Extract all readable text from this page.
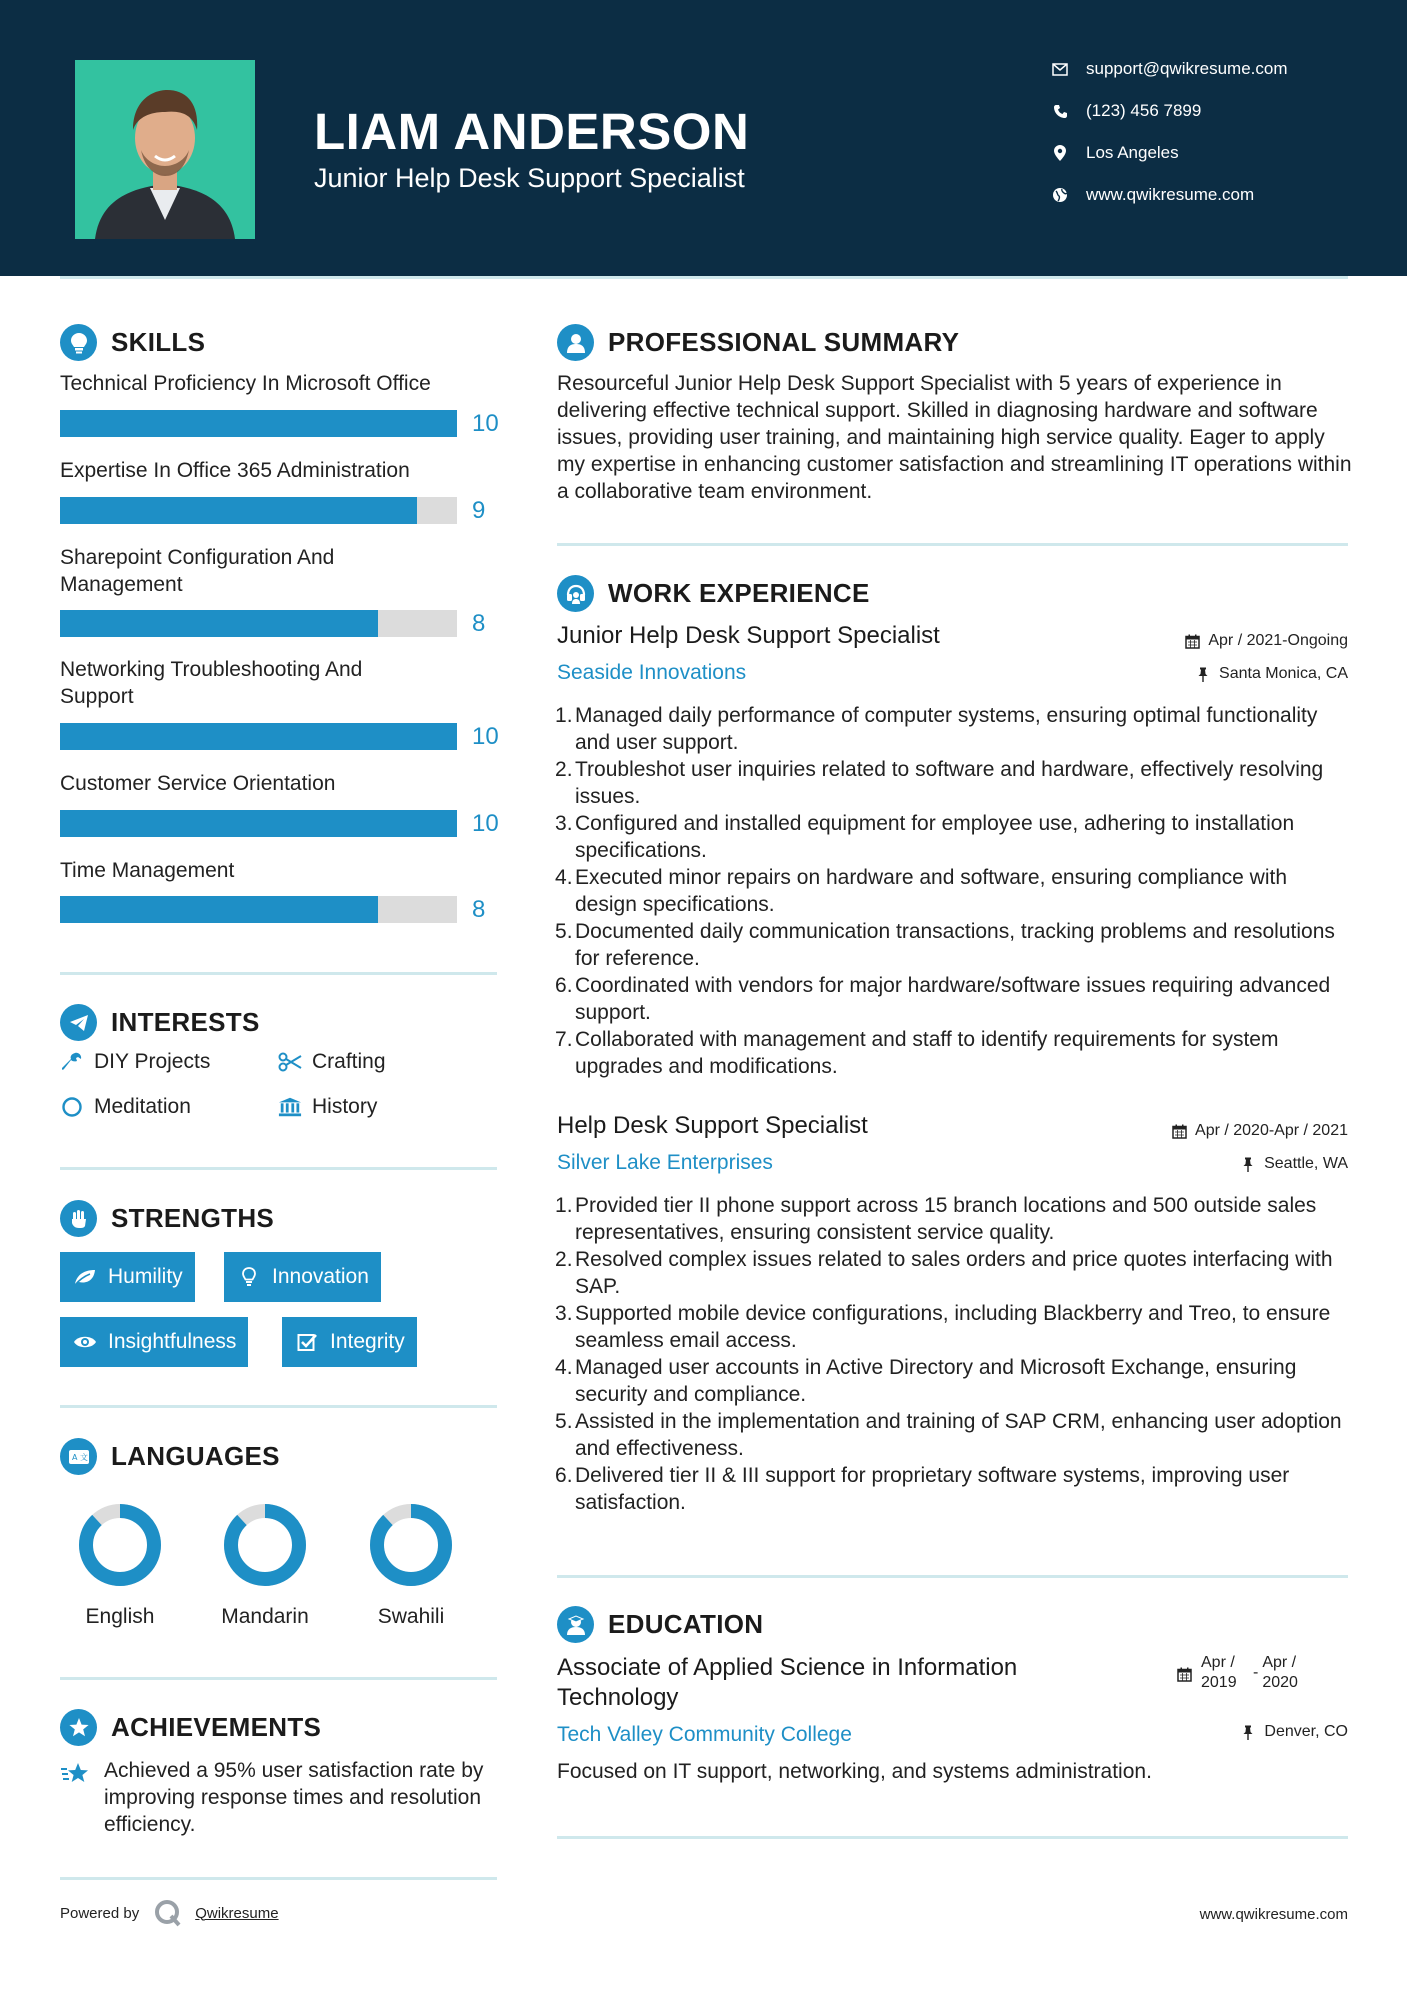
LIAM ANDERSON
Junior Help Desk Support Specialist
support@qwikresume.com
(123) 456 7899
Los Angeles
www.qwikresume.com
SKILLS
Technical Proficiency In Microsoft Office
10
Expertise In Office 365 Administration
9
Sharepoint Configuration And Management
8
Networking Troubleshooting And Support
10
Customer Service Orientation
10
Time Management
8
INTERESTS
DIY Projects	Crafting
Meditation	History
STRENGTHS
Humility	Innovation
Insightfulness	Integrity
A 文 LANGUAGES
English	Mandarin	Swahili
ACHIEVEMENTS
Achieved a 95% user satisfaction rate by improving response times and resolution efficiency.
PROFESSIONAL SUMMARY
Resourceful Junior Help Desk Support Specialist with 5 years of experience in delivering effective technical support. Skilled in diagnosing hardware and software issues, providing user training, and maintaining high service quality. Eager to apply my expertise in enhancing customer satisfaction and streamlining IT operations within a collaborative team environment.
WORK EXPERIENCE
Junior Help Desk Support Specialist	Apr / 2021-Ongoing
Seaside Innovations	Santa Monica, CA
Managed daily performance of computer systems, ensuring optimal functionality and user support.
Troubleshot user inquiries related to software and hardware, effectively resolving issues.
Configured and installed equipment for employee use, adhering to installation specifications.
Executed minor repairs on hardware and software, ensuring compliance with design specifications.
Documented daily communication transactions, tracking problems and resolutions for reference.
Coordinated with vendors for major hardware/software issues requiring advanced support.
Collaborated with management and staff to identify requirements for system upgrades and modifications.
Help Desk Support Specialist	Apr / 2020-Apr / 2021
Silver Lake Enterprises	Seattle, WA
Provided tier II phone support across 15 branch locations and 500 outside sales representatives, ensuring consistent service quality.
Resolved complex issues related to sales orders and price quotes interfacing with SAP.
Supported mobile device configurations, including Blackberry and Treo, to ensure seamless email access.
Managed user accounts in Active Directory and Microsoft Exchange, ensuring security and compliance.
Assisted in the implementation and training of SAP CRM, enhancing user adoption and effectiveness.
Delivered tier II & III support for proprietary software systems, improving user satisfaction.
EDUCATION
Associate of Applied Science in Information Technology
Apr / 2019
-
Apr / 2020
Tech Valley Community College	Denver, CO
Focused on IT support, networking, and systems administration.
Powered by	Qwikresume	www.qwikresume.com
